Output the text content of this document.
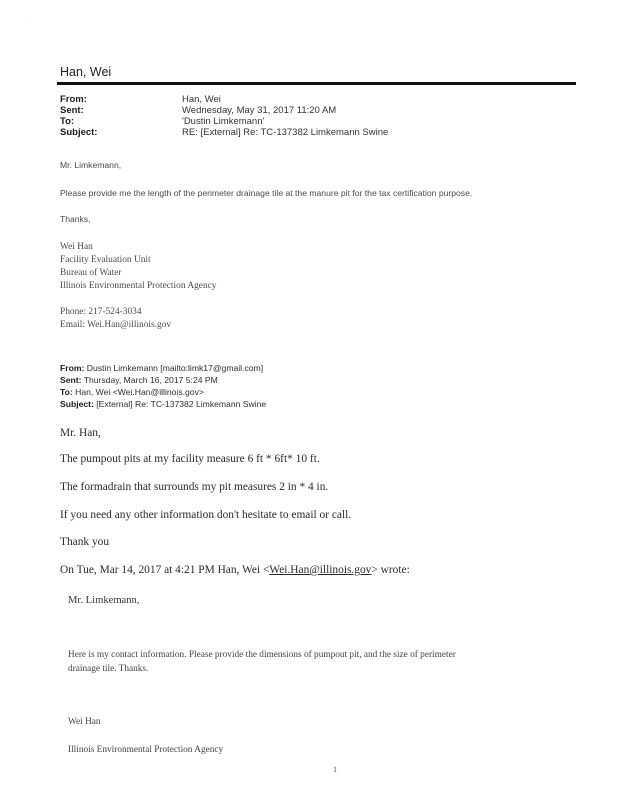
·
Han, Wei
From:	Han, Wei
Sent:	Wednesday, May 31, 2017 11:20 AM
To:	'Dustin Limkemann'
Subject:	RE: [External] Re: TC-137382 Limkemann Swine
Mr. Limkemann,
Please provide me the length of the perimeter drainage tile at the manure pit for the tax certification purpose.
Thanks,
Wei Han
Facility Evaluation Unit
Bureau of Water
Illinois Environmental Protection Agency
Phone: 217-524-3034
Email: Wei.Han@illinois.gov
From: Dustin Limkemann [mailto:limk17@gmail.com]
Sent: Thursday, March 16, 2017 5:24 PM
To: Han, Wei <Wei.Han@illinois.gov>
Subject: [External] Re: TC-137382 Limkemann Swine
Mr. Han,
The pumpout pits at my facility measure 6 ft * 6ft* 10 ft.
The formadrain that surrounds my pit measures 2 in * 4 in.
If you need any other information don't hesitate to email or call.
Thank you
On Tue, Mar 14, 2017 at 4:21 PM Han, Wei <Wei.Han@illinois.gov> wrote:
Mr. Limkemann,
Here is my contact information. Please provide the dimensions of pumpout pit, and the size of perimeter
drainage tile. Thanks.
Wei Han
Illinois Environmental Protection Agency
1
